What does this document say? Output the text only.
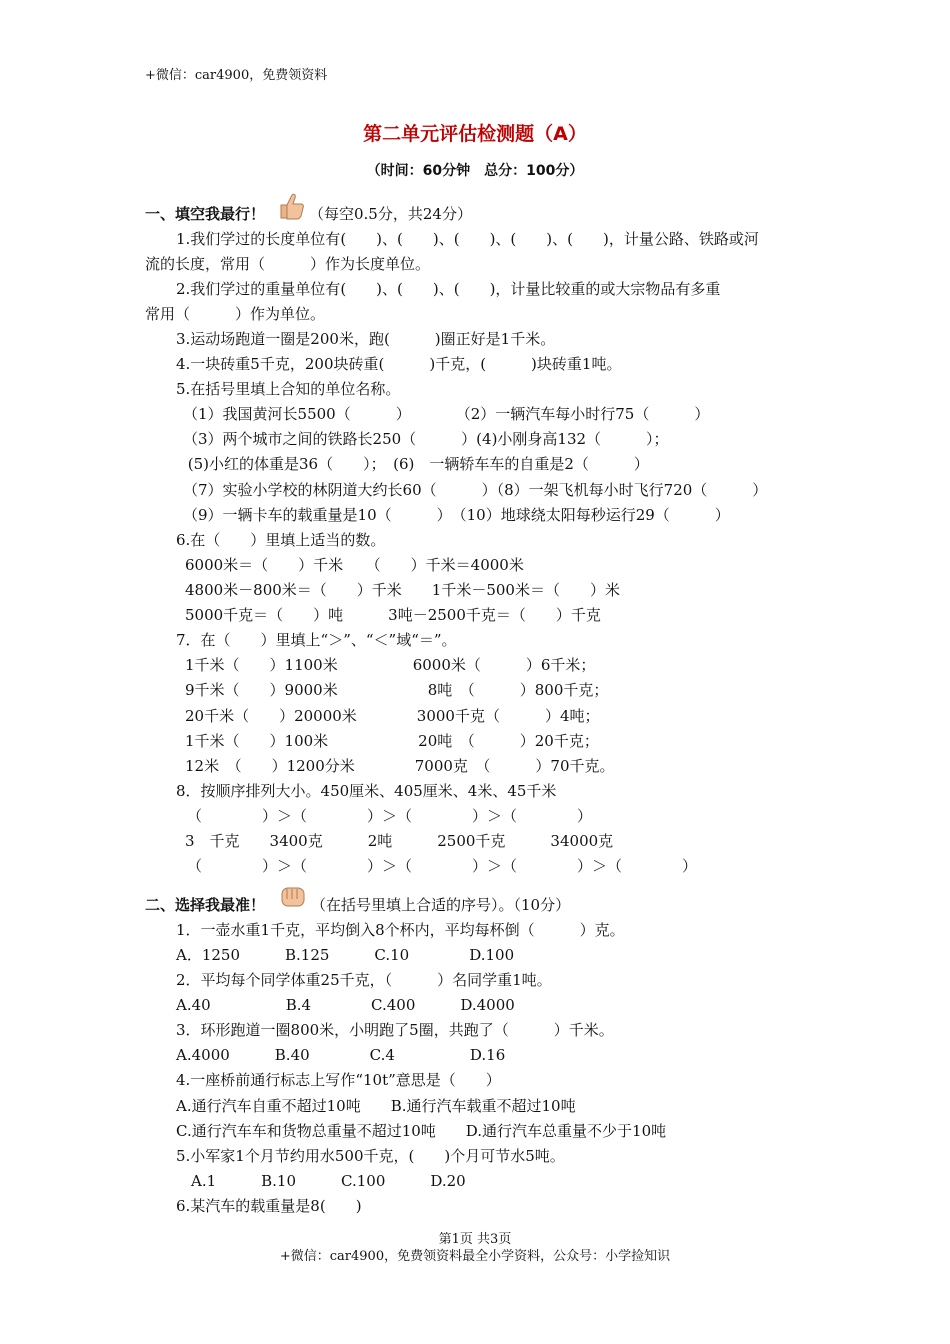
+微信：car4900，免费领资料
第二单元评估检测题（A）
（时间：60分钟　总分：100分）
一、填空我最行！	（每空0.5分，共24分）
1.我们学过的长度单位有(　　)、(　　)、(　　)、(　　)、(　　)，计量公路、铁路或河
流的长度，常用（　　　）作为长度单位。
2.我们学过的重量单位有(　　)、(　　)、(　　)，计量比较重的或大宗物品有多重
常用（　　　）作为单位。
3.运动场跑道一圈是200米，跑(　　　)圈正好是1千米。
4.一块砖重5千克，200块砖重(　　　)千克，(　　　)块砖重1吨。
5.在括号里填上合知的单位名称。
（1）我国黄河长5500（　　　）　　　　（2）一辆汽车每小时行75（　　　）
（3）两个城市之间的铁路长250（　　　）(4)小刚身高132（　　　）；
(5)小红的体重是36（　　）；　(6)　一辆轿车车的自重是2（　　　）
（7）实验小学校的林阴道大约长60（　　　）（8）一架飞机每小时飞行720（　　　）
（9）一辆卡车的载重量是10（　　　）　（10）地球绕太阳每秒运行29（　　　）
6.在（　　）里填上适当的数。
6000米＝（　　）千米　　（　　）千米＝4000米
4800米－800米＝（　　）千米　　1千米－500米＝（　　）米
5000千克＝（　　）吨　　　3吨－2500千克＝（　　）千克
7．在（　　）里填上“＞”、“＜”域“＝”。
1千米（　　）1100米　　　　　6000米（　　　）6千米；
9千米（　　）9000米　　　　　　8吨　（　　　）800千克；
20千米（　　）20000米　　　　3000千克（　　　）4吨；
1千米（　　）100米　　　　　　20吨　（　　　）20千克；
12米　（　　）1200分米　　　　7000克　（　　　）70千克。
8．按顺序排列大小。450厘米、405厘米、4米、45千米
（　　　　）＞（　　　　）＞（　　　　）＞（　　　　）
3　千克　　3400克　　　2吨　　　2500千克　　　34000克
（　　　　）＞（　　　　）＞（　　　　）＞（　　　　）＞（　　　　）
二、选择我最准！	（在括号里填上合适的序号）。（10分）
1．一壶水重1千克，平均倒入8个杯内，平均每杯倒（　　　）克。
A．1250　　　B.125　　　C.10　　　　D.100
2．平均每个同学体重25千克，（　　　）名同学重1吨。
A.40　　　　　B.4　　　　C.400　　　D.4000
3．环形跑道一圈800米，小明跑了5圈，共跑了（　　　）千米。
A.4000　　　B.40　　　　C.4　　　　　D.16
4.一座桥前通行标志上写作“10t”意思是（　　）
A.通行汽车自重不超过10吨　　B.通行汽车载重不超过10吨
C.通行汽车车和货物总重量不超过10吨　　D.通行汽车总重量不少于10吨
5.小军家1个月节约用水500千克，(　　)个月可节水5吨。
　A.1　　　B.10　　　C.100　　　D.20
6.某汽车的载重量是8(　　)
第1页 共3页
+微信：car4900，免费领资料最全小学资料，公众号：小学捡知识
